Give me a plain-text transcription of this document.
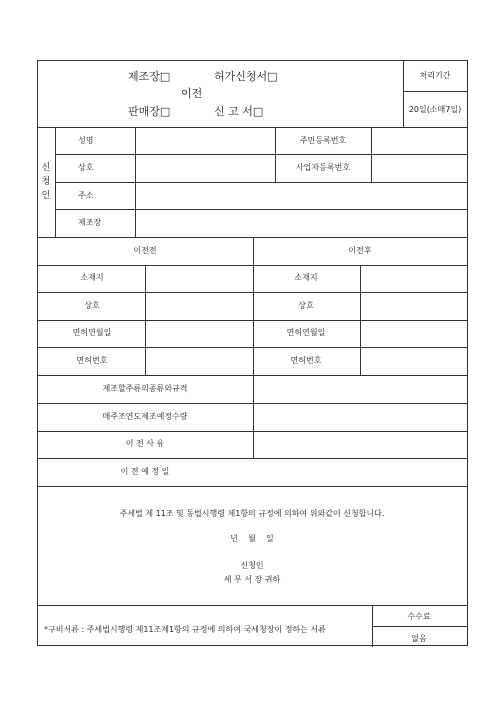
제조장□	허가신청서□
이전
판매장□	신 고 서□
처리기간
20일(소매7일)
신
청
인
성명	주민등록번호
상호	사업자등록번호
주소
제조장
이전전	이전후
소재지	소재지
상호	상호
면허연월일	면허연월일
면허번호	면허번호
제조할주류의종류와규격
매주조연도제조예정수량
이 전 사 유
이 전 예 정 일
주세법 제 11조 및 동법시행령 제1항의 규정에 의하여 위와같이 신청합니다.
년    월    일
신청인
세 무 서 장 귀하
*구비서류 : 주세법시행령 제11조제1항의 규정에 의하여 국세청장이 정하는 서류
수수료
없음
